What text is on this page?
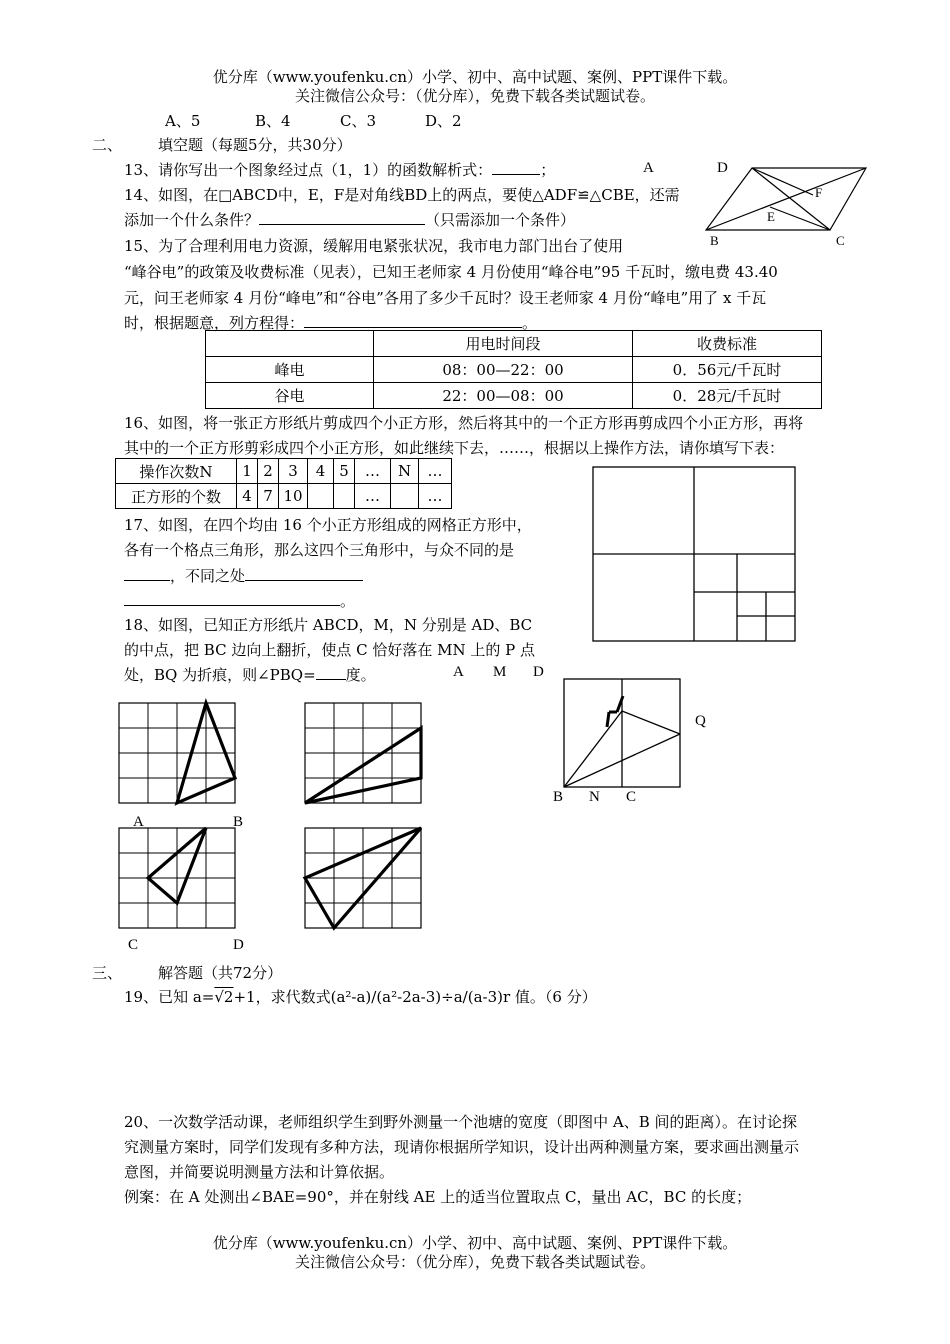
优分库（www.youfenku.cn）小学、初中、高中试题、案例、PPT课件下载。
关注微信公众号：（优分库），免费下载各类试题试卷。
A、5	B、4	C、3	D、2
二、 填空题（每题5分，共30分）
13、请你写出一个图象经过点（1，1）的函数解析式：	；	A	D
B	C
E
F
14、如图，在□ABCD中，E，F是对角线BD上的两点，要使△ADF≌△CBE，还需
添加一个什么条件？	（只需添加一个条件）
15、为了合理利用电力资源，缓解用电紧张状况，我市电力部门出台了使用
“峰谷电”的政策及收费标准（见表），已知王老师家 4 月份使用“峰谷电”95 千瓦时，缴电费 43.40
元，问王老师家 4 月份“峰电”和“谷电”各用了多少千瓦时？设王老师家 4 月份“峰电”用了 x 千瓦
时，根据题意，列方程得：	。
	用电时间段	收费标准
峰电	08：00—22：00	0．56元/千瓦时
谷电	22：00—08：00	0．28元/千瓦时
16、如图，将一张正方形纸片剪成四个小正方形，然后将其中的一个正方形再剪成四个小正方形，再将
其中的一个正方形剪彩成四个小正方形，如此继续下去，……，根据以上操作方法，请你填写下表：
操作次数N	1	2	3	4	5	…	N	…
正方形的个数	4	7	10			…		…
17、如图，在四个均由 16 个小正方形组成的网格正方形中，
各有一个格点三角形，那么这四个三角形中，与众不同的是
，不同之处
。
18、如图，已知正方形纸片 ABCD，M，N 分别是 AD、BC
的中点，把 BC 边向上翻折，使点 C 恰好落在 MN 上的 P 点
处，BQ 为折痕，则∠PBQ= 度。	A M D
Q
B N C
A	B
C	D
三、 解答题（共72分）
19、已知 a=√2+1，求代数式(a²-a)/(a²-2a-3)÷a/(a-3)r 值。（6 分）
20、一次数学活动课，老师组织学生到野外测量一个池塘的宽度（即图中 A、B 间的距离）。在讨论探
究测量方案时，同学们发现有多种方法，现请你根据所学知识，设计出两种测量方案，要求画出测量示
意图，并简要说明测量方法和计算依据。
例案：在 A 处测出∠BAE=90°，并在射线 AE 上的适当位置取点 C，量出 AC，BC 的长度；
优分库（www.youfenku.cn）小学、初中、高中试题、案例、PPT课件下载。
关注微信公众号：（优分库），免费下载各类试题试卷。
